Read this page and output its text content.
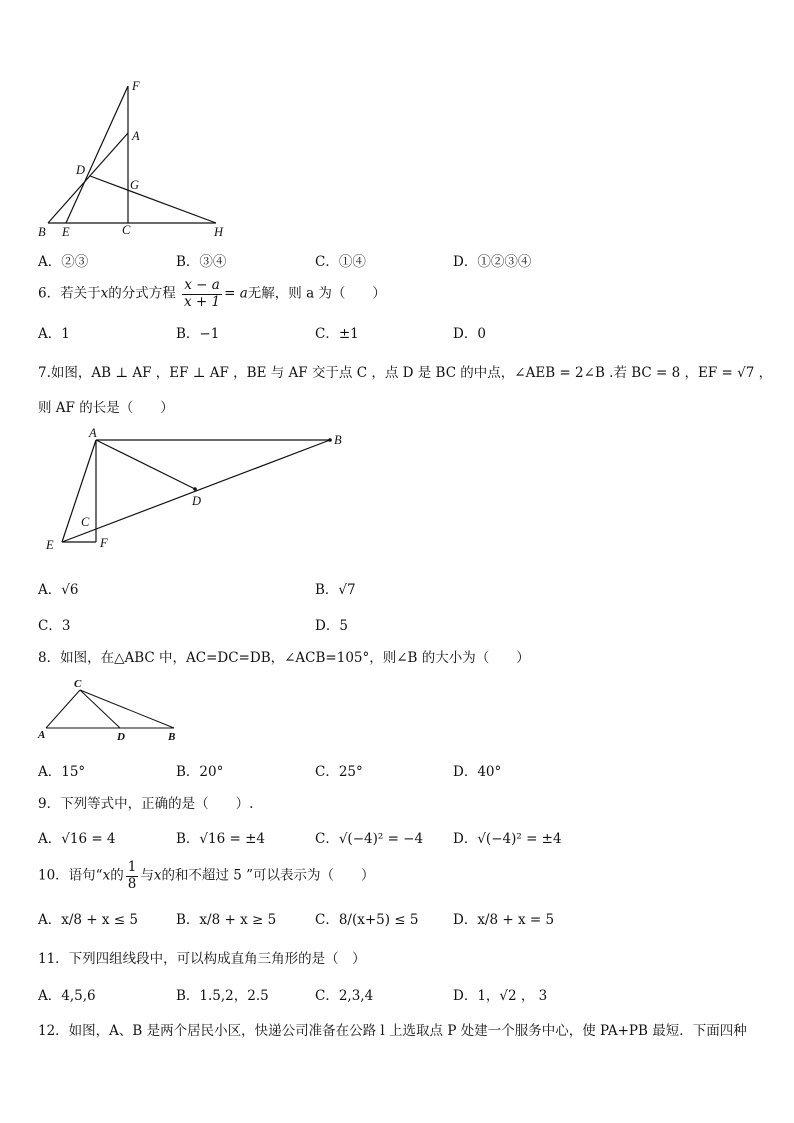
F
A
D
G
B E	C	H
A．②③	B．③④	C．①④	D．①②③④
6．若关于x的分式方程 $\frac{x - a}{x + 1} = a$无解，则 a 为（　　）
A．1	B．−1	C．±1	D．0
7.如图，AB ⊥ AF ，EF ⊥ AF ，BE 与 AF 交于点 C ，点 D 是 BC 的中点，∠AEB = 2∠B .若 BC = 8 ，EF = √7 ，
则 AF 的长是（　　）
A	B
D
C
E	F
A．√6	B．√7
C．3	D．5
8．如图，在△ABC 中，AC=DC=DB，∠ACB=105°，则∠B 的大小为（　　）
C
A	D	B
A．15°	B．20°	C．25°	D．40°
9．下列等式中，正确的是（　　）.
A．√16 = 4	B．√16 = ±4	C．√(−4)² = −4 D．√(−4)² = ±4
10．语句“x的 $\frac{1}{8}$ 与x的和不超过 5 ”可以表示为（　　）
A．x/8 + x ≤ 5	B．x/8 + x ≥ 5	C．8/(x+5) ≤ 5	D．x/8 + x = 5
11．下列四组线段中，可以构成直角三角形的是（　）
A．4,5,6	B．1.5,2，2.5	C．2,3,4	D．1，√2 ， 3
12．如图，A、B 是两个居民小区，快递公司准备在公路 l 上选取点 P 处建一个服务中心，使 PA+PB 最短．下面四种
